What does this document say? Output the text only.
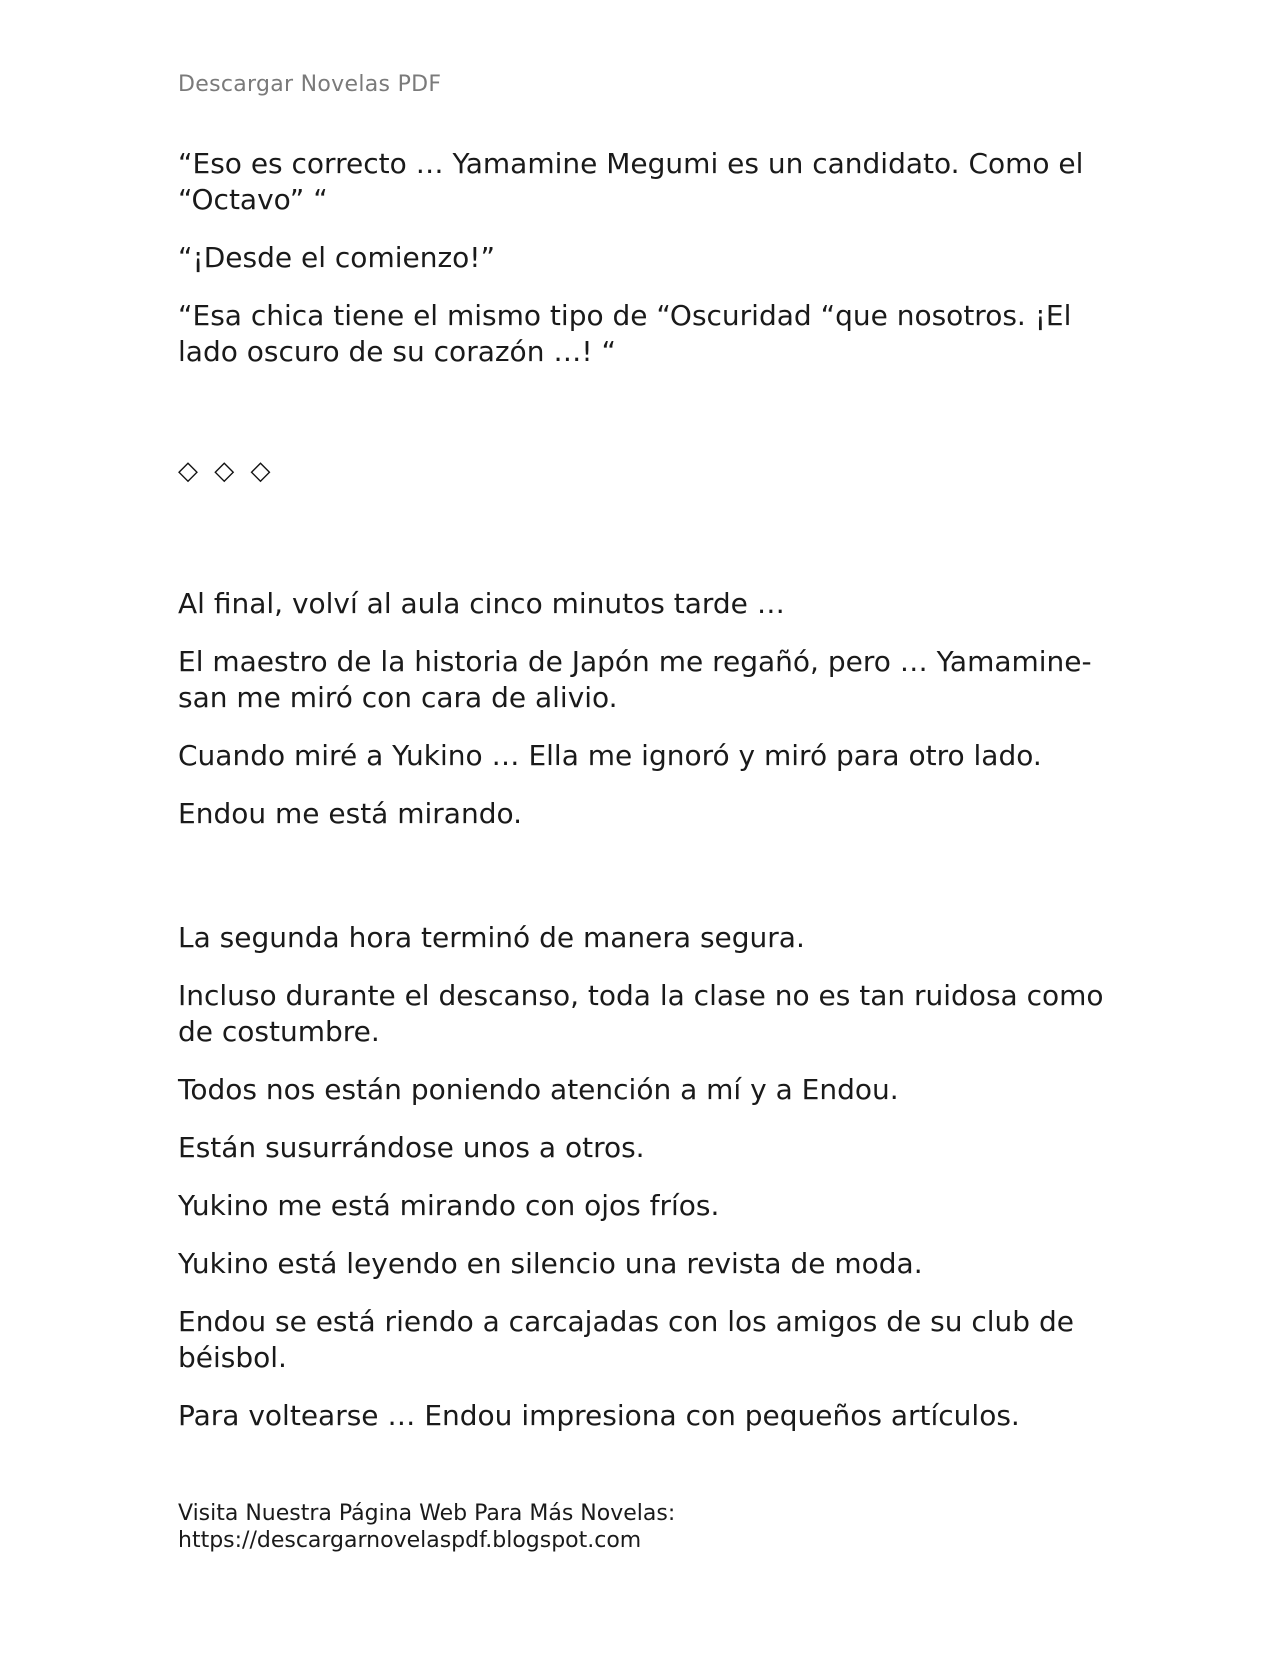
Descargar Novelas PDF

“Eso es correcto … Yamamine Megumi es un candidato. Como el “Octavo” “

“¡Desde el comienzo!”

“Esa chica tiene el mismo tipo de “Oscuridad “que nosotros. ¡El lado oscuro de su corazón …! “

◇ ◇ ◇

Al final, volví al aula cinco minutos tarde …

El maestro de la historia de Japón me regañó, pero … Yamamine-san me miró con cara de alivio.

Cuando miré a Yukino … Ella me ignoró y miró para otro lado.

Endou me está mirando.

La segunda hora terminó de manera segura.

Incluso durante el descanso, toda la clase no es tan ruidosa como de costumbre.

Todos nos están poniendo atención a mí y a Endou.

Están susurrándose unos a otros.

Yukino me está mirando con ojos fríos.

Yukino está leyendo en silencio una revista de moda.

Endou se está riendo a carcajadas con los amigos de su club de béisbol.

Para voltearse … Endou impresiona con pequeños artículos.

Visita Nuestra Página Web Para Más Novelas:
https://descargarnovelaspdf.blogspot.com
